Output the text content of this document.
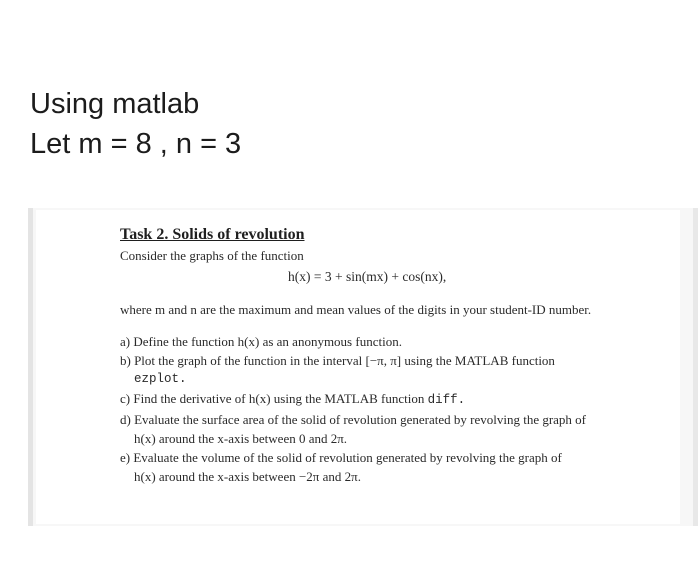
Using matlab
Let m = 8 , n = 3
Task 2. Solids of revolution
Consider the graphs of the function
h(x) = 3 + sin(mx) + cos(nx),
where m and n are the maximum and mean values of the digits in your student-ID number.
a) Define the function h(x) as an anonymous function.
b) Plot the graph of the function in the interval [−π, π] using the MATLAB function
ezplot.
c) Find the derivative of h(x) using the MATLAB function diff.
d) Evaluate the surface area of the solid of revolution generated by revolving the graph of
h(x) around the x-axis between 0 and 2π.
e) Evaluate the volume of the solid of revolution generated by revolving the graph of
h(x) around the x-axis between −2π and 2π.
